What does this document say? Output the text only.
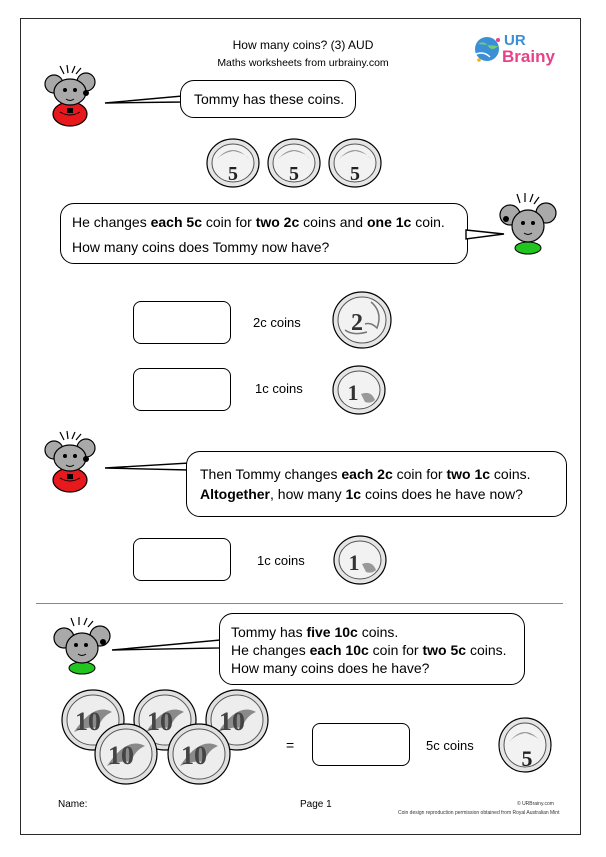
How many coins? (3) AUD
Maths worksheets from urbrainy.com
UR
Brainy
Tommy has these coins.
5	5	5
He changes each 5c coin for two 2c coins and one 1c coin.
How many coins does Tommy now have?
2c coins 2
1c coins 1
Then Tommy changes each 2c coin for two 1c coins.
Altogether, how many 1c coins does he have now?
1c coins 1
Tommy has five 10c coins.
He changes each 10c coin for two 5c coins.
How many coins does he have?
10 10 10
10 10	=	5c coins
5
Name:	Page 1	© URBrainy.com
Coin design reproduction permission obtained from Royal Australian Mint
